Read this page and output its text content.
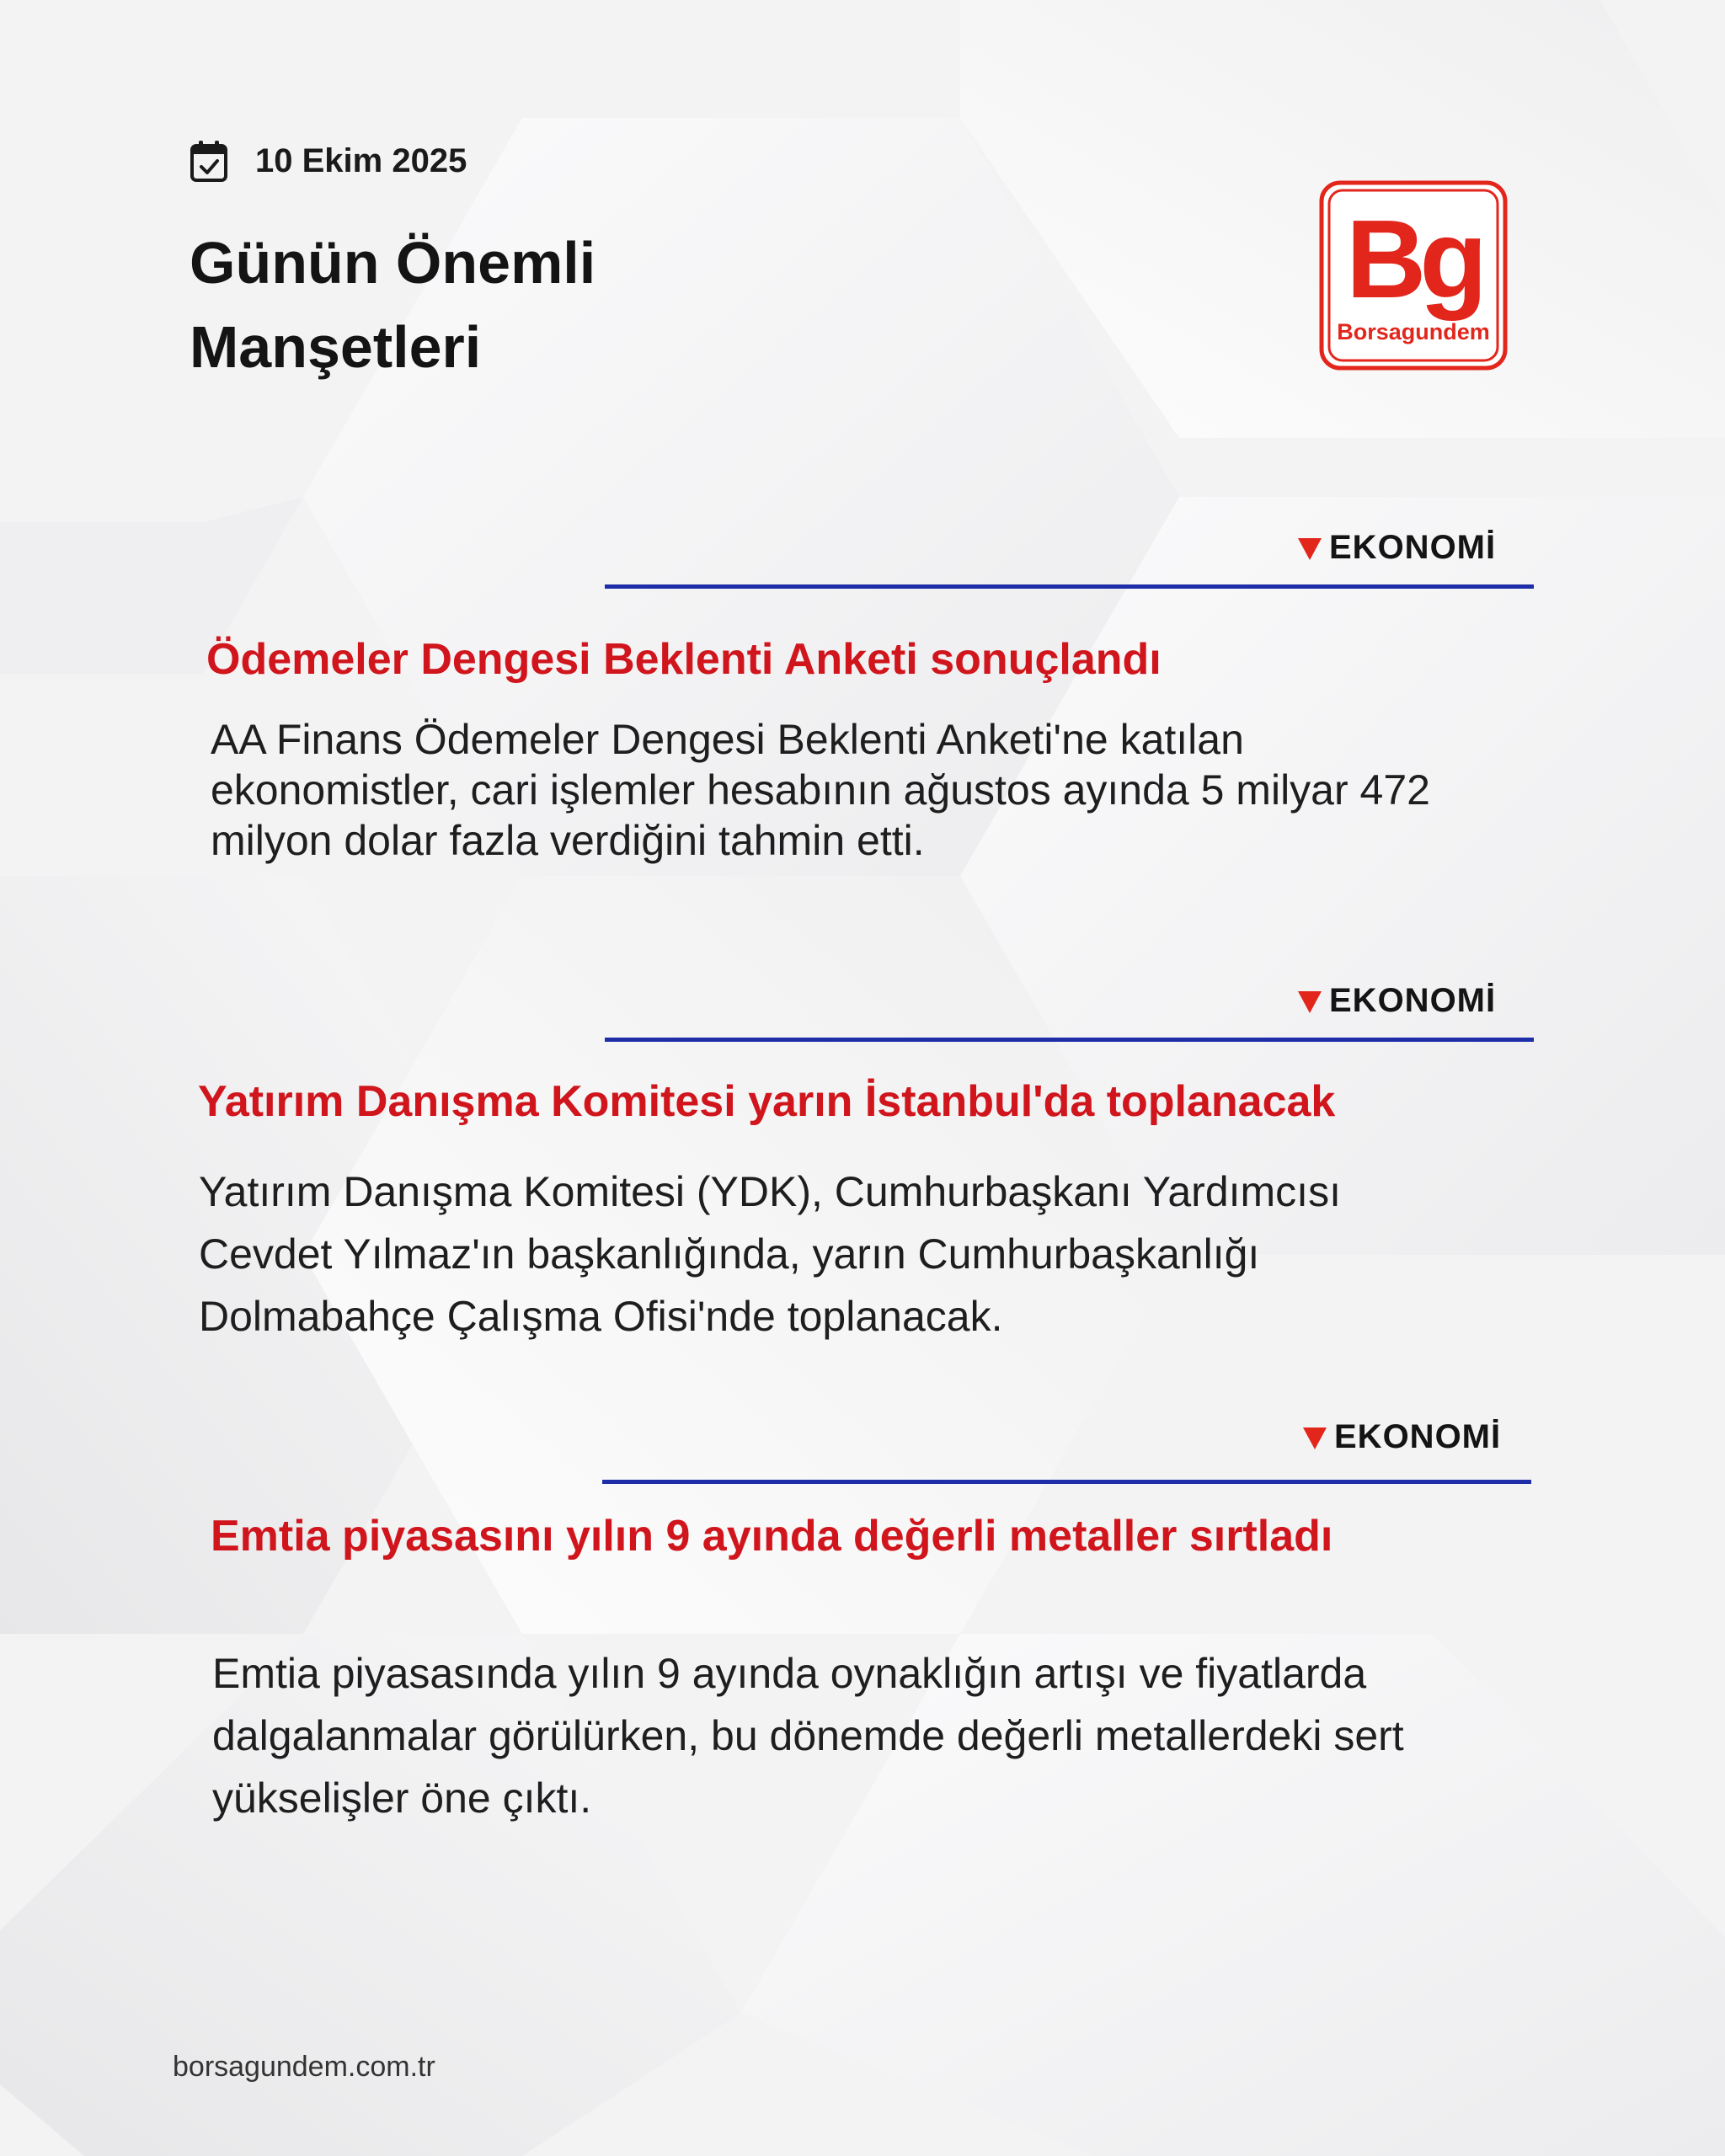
10 Ekim 2025
Günün Önemli Manşetleri
Bg
Borsagundem
EKONOMİ
Ödemeler Dengesi Beklenti Anketi sonuçlandı

AA Finans Ödemeler Dengesi Beklenti Anketi'ne katılan ekonomistler, cari işlemler hesabının ağustos ayında 5 milyar 472 milyon dolar fazla verdiğini tahmin etti.

EKONOMİ
Yatırım Danışma Komitesi yarın İstanbul'da toplanacak

Yatırım Danışma Komitesi (YDK), Cumhurbaşkanı Yardımcısı Cevdet Yılmaz'ın başkanlığında, yarın Cumhurbaşkanlığı Dolmabahçe Çalışma Ofisi'nde toplanacak.

EKONOMİ
Emtia piyasasını yılın 9 ayında değerli metaller sırtladı

Emtia piyasasında yılın 9 ayında oynaklığın artışı ve fiyatlarda dalgalanmalar görülürken, bu dönemde değerli metallerdeki sert yükselişler öne çıktı.

borsagundem.com.tr
